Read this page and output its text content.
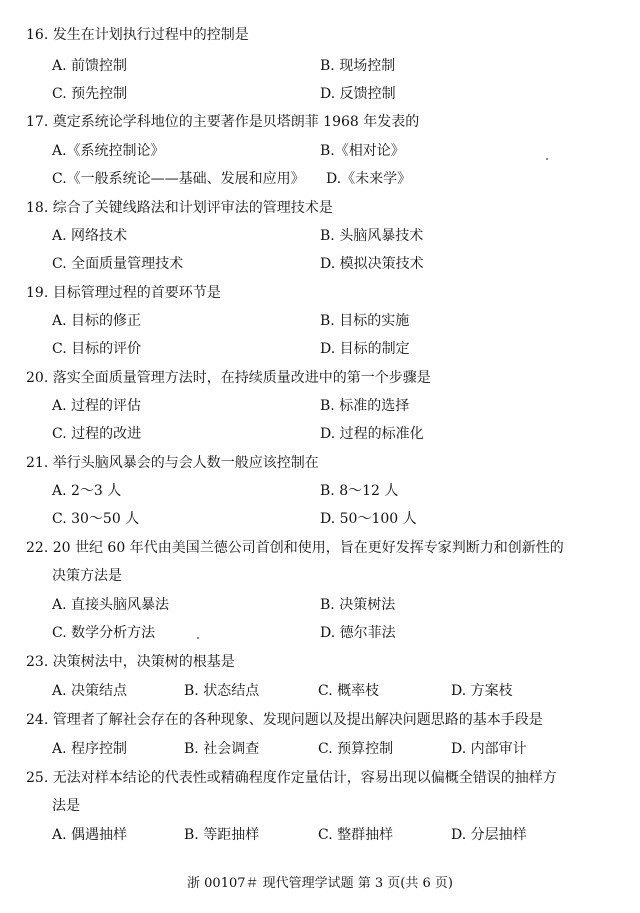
16. 发生在计划执行过程中的控制是
A. 前馈控制	B. 现场控制
C. 预先控制	D. 反馈控制
17. 奠定系统论学科地位的主要著作是贝塔朗菲 1968 年发表的
A.《系统控制论》	B.《相对论》
C.《一般系统论——基础、发展和应用》 D.《未来学》
18. 综合了关键线路法和计划评审法的管理技术是
A. 网络技术	B. 头脑风暴技术
C. 全面质量管理技术	D. 模拟决策技术
19. 目标管理过程的首要环节是
A. 目标的修正	B. 目标的实施
C. 目标的评价	D. 目标的制定
20. 落实全面质量管理方法时，在持续质量改进中的第一个步骤是
A. 过程的评估	B. 标准的选择
C. 过程的改进	D. 过程的标准化
21. 举行头脑风暴会的与会人数一般应该控制在
A. 2～3 人	B. 8～12 人
C. 30～50 人	D. 50～100 人
22. 20 世纪 60 年代由美国兰德公司首创和使用，旨在更好发挥专家判断力和创新性的
决策方法是
A. 直接头脑风暴法	B. 决策树法
C. 数学分析方法	D. 德尔菲法
23. 决策树法中，决策树的根基是
A. 决策结点	B. 状态结点	C. 概率枝	D. 方案枝
24. 管理者了解社会存在的各种现象、发现问题以及提出解决问题思路的基本手段是
A. 程序控制	B. 社会调查	C. 预算控制	D. 内部审计
25. 无法对样本结论的代表性或精确程度作定量估计，容易出现以偏概全错误的抽样方
法是
A. 偶遇抽样	B. 等距抽样	C. 整群抽样	D. 分层抽样
浙 00107＃ 现代管理学试题 第 3 页(共 6 页)
